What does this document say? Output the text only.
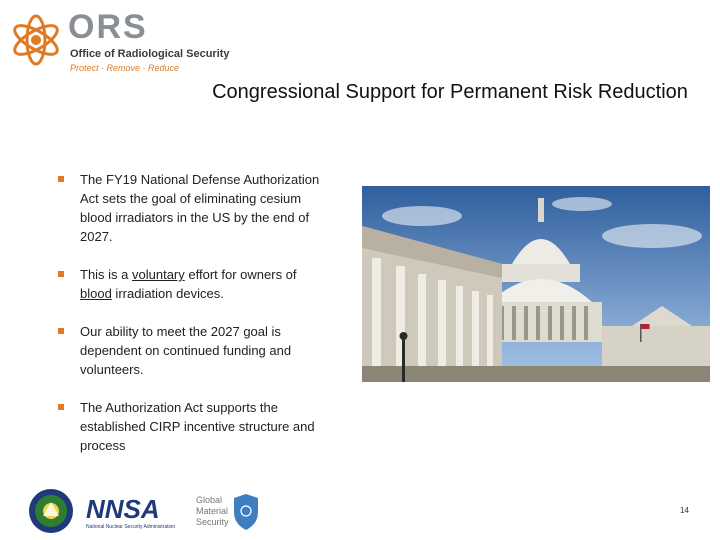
ORS
Office of Radiological Security
Protect · Remove · Reduce
Congressional Support for Permanent Risk Reduction
The FY19 National Defense Authorization Act sets the goal of eliminating cesium blood irradiators in the US by the end of 2027.
This is a voluntary effort for owners of blood irradiation devices.
Our ability to meet the 2027 goal is dependent on continued funding and volunteers.
The Authorization Act supports the established CIRP incentive structure and process
NNSA
National Nuclear Security Administration
Global
Material
Security
14
